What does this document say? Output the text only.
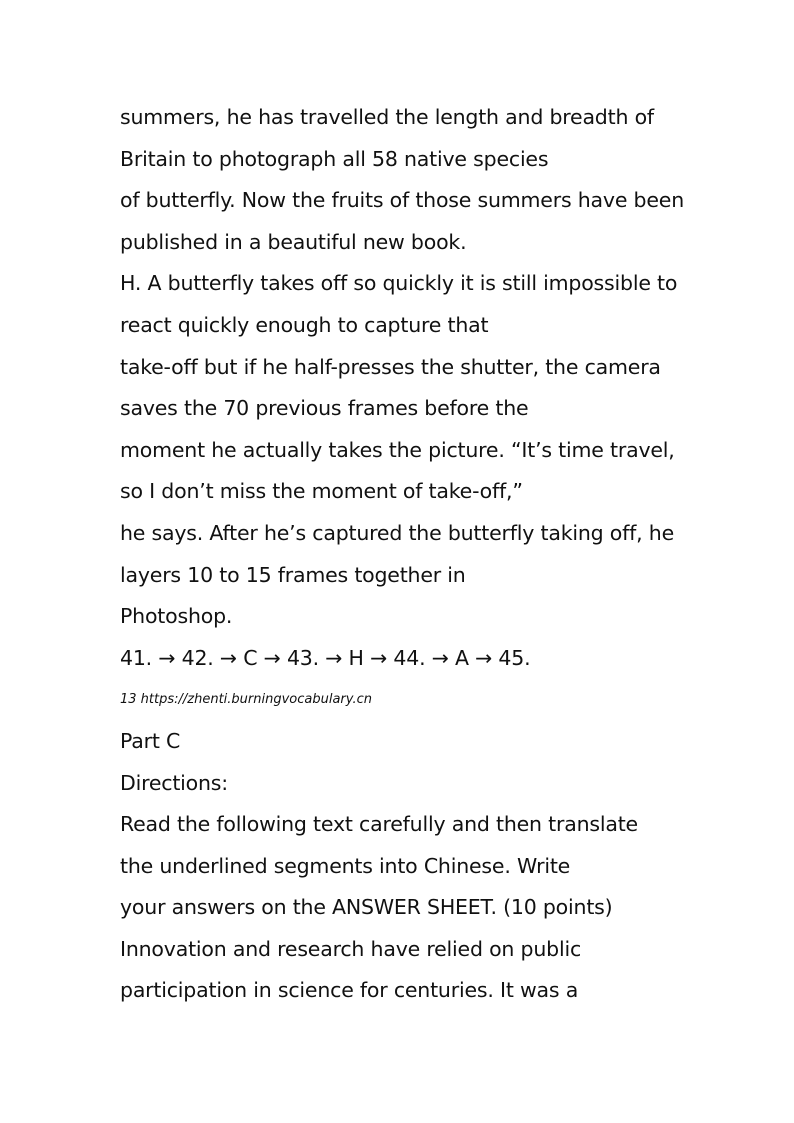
summers, he has travelled the length and breadth of
Britain to photograph all 58 native species
of butterfly. Now the fruits of those summers have been
published in a beautiful new book.
H. A butterfly takes off so quickly it is still impossible to
react quickly enough to capture that
take-off but if he half-presses the shutter, the camera
saves the 70 previous frames before the
moment he actually takes the picture. “It’s time travel,
so I don’t miss the moment of take-off,”
he says. After he’s captured the butterfly taking off, he
layers 10 to 15 frames together in
Photoshop.
41. → 42. → C → 43. → H → 44. → A → 45.
13 https://zhenti.burningvocabulary.cn
Part C
Directions:
Read the following text carefully and then translate
the underlined segments into Chinese. Write
your answers on the ANSWER SHEET. (10 points)
Innovation and research have relied on public
participation in science for centuries. It was a
